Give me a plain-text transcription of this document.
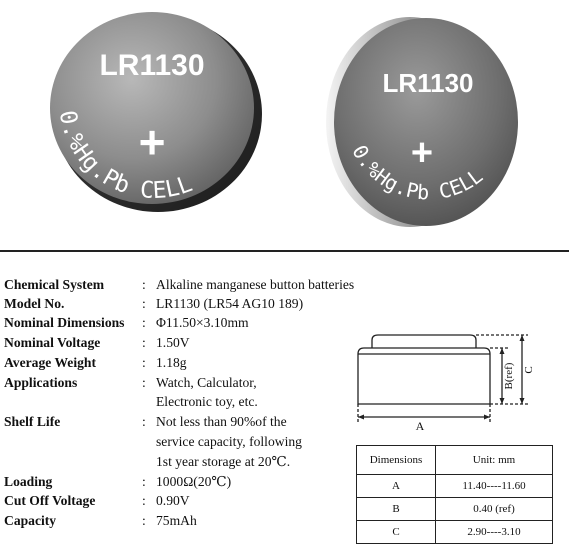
LR1130
+
0.%Hg.Pb CELL
LR1130
+
0.%Hg.Pb CELL
Chemical System	: Alkaline manganese button batteries
Model No.	: LR1130 (LR54 AG10 189)
Nominal Dimensions : Φ11.50×3.10mm
Nominal Voltage	: 1.50V
Average Weight	: 1.18g
Applications	: Watch, Calculator,
Electronic toy, etc.
Shelf Life	: Not less than 90%of the
service capacity, following
1st year storage at 20℃.
Loading	: 1000Ω(20℃)
Cut Off Voltage	: 0.90V
Capacity	: 75mAh
A
B(ref) C
Dimensions	Unit: mm
A	11.40----11.60
B	0.40 (ref)
C	2.90----3.10
